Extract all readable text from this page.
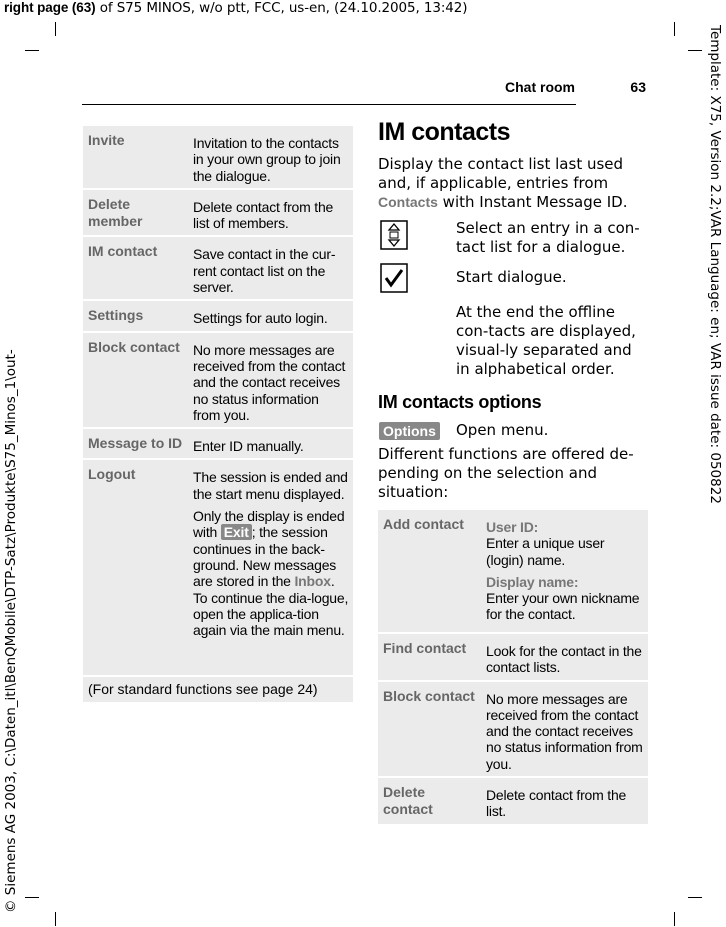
right page (63) of S75 MINOS, w/o ptt, FCC, us-en, (24.10.2005, 13:42)
© Siemens AG 2003, C:\Daten_itl\BenQMobile\DTP-Satz\Produkte\S75_Minos_1\out-
Template: X75, Version 2.2;VAR Language: en; VAR issue date: 050822
Chat room	63
Invite	Invitation to the contacts in your own group to join the dialogue.
Delete member	Delete contact from the list of members.
IM contact	Save contact in the cur-rent contact list on the server.
Settings	Settings for auto login.
Block contact	No more messages are received from the contact and the contact receives no status information from you.
Message to ID	Enter ID manually.
Logout	The session is ended and the start menu displayed.

Only the display is ended with Exit ; the session continues in the back-ground. New messages are stored in the Inbox. To continue the dia-logue, open the applica-tion again via the main menu.

(For standard functions see page 24)	
IM contacts
Display the contact list last used and, if applicable, entries from Contacts with Instant Message ID.
Select an entry in a con-tact list for a dialogue.
Start dialogue.
At the end the offline con-tacts are displayed, visual-ly separated and in alphabetical order.
IM contacts options
Options Open menu.
Different functions are offered de-pending on the selection and situation:
Add contact	User ID:
Enter a unique user (login) name.

Display name:
Enter your own nickname for the contact.

Find contact	Look for the contact in the contact lists.
Block contact	No more messages are received from the contact and the contact receives no status information from you.
Delete contact	Delete contact from the list.
